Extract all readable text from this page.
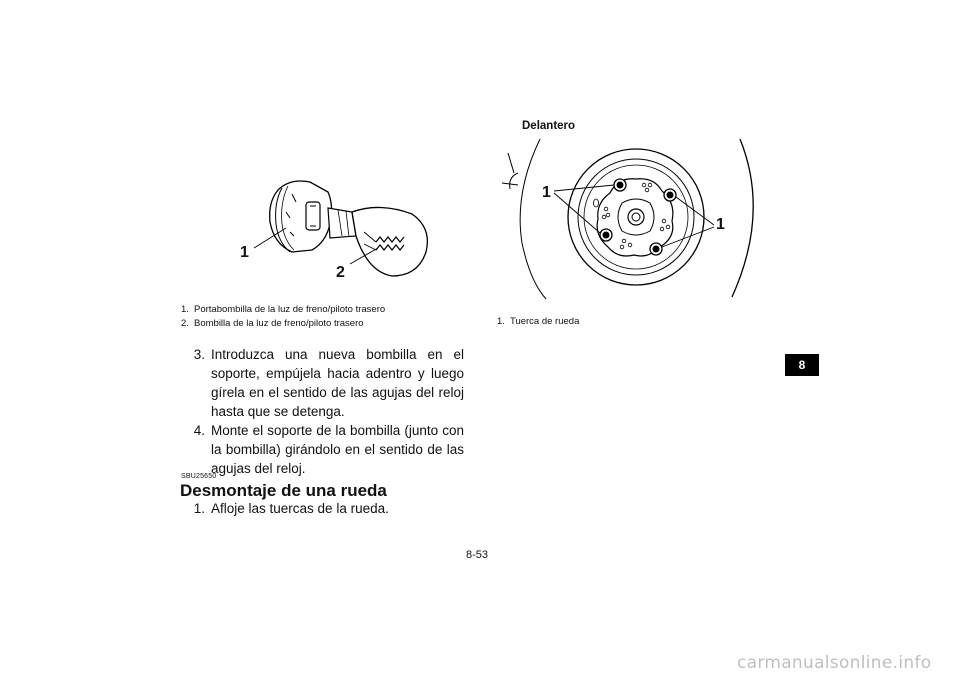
1
2
1. Portabombilla de la luz de freno/piloto trasero
2. Bombilla de la luz de freno/piloto trasero
Delantero
1
1
1. Tuerca de rueda
3. Introduzca una nueva bombilla en el soporte, empújela hacia adentro y luego gírela en el sentido de las agujas del reloj hasta que se detenga.
4. Monte el soporte de la bombilla (junto con la bombilla) girándolo en el sentido de las agujas del reloj.
SBU25650
Desmontaje de una rueda
1. Afloje las tuercas de la rueda.
8
8-53
carmanualsonline.info
